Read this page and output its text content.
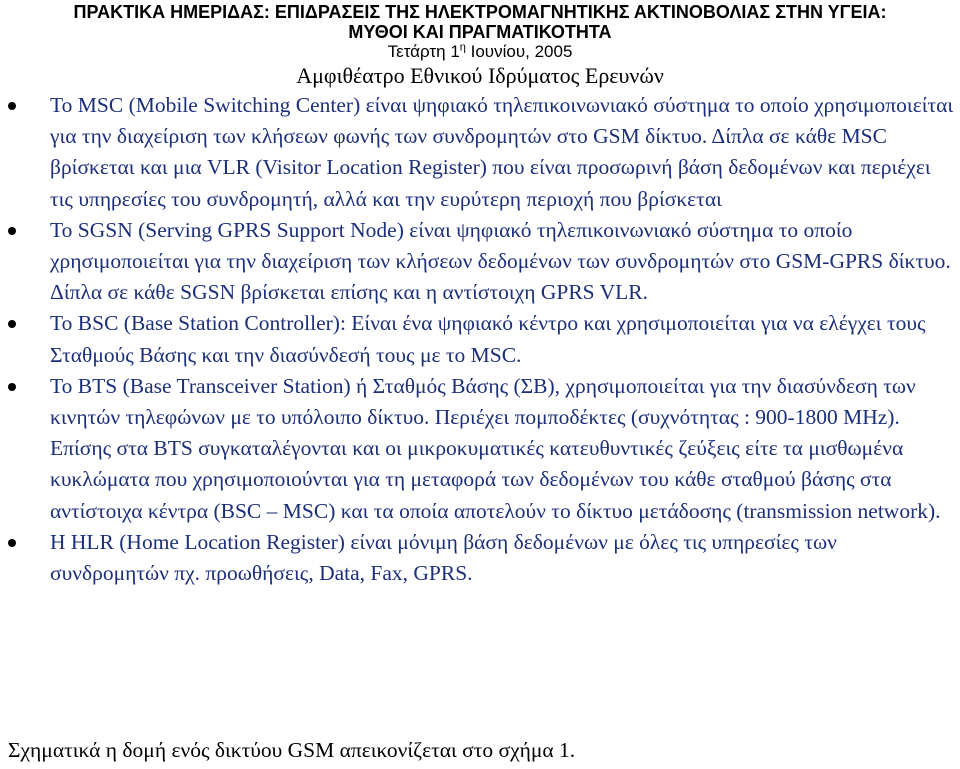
ΠΡΑΚΤΙΚΑ ΗΜΕΡΙΔΑΣ: ΕΠΙΔΡΑΣΕΙΣ ΤΗΣ ΗΛΕΚΤΡΟΜΑΓΝΗΤΙΚΗΣ ΑΚΤΙΝΟΒΟΛΙΑΣ ΣΤΗΝ ΥΓΕΙΑ:
ΜΥΘΟΙ ΚΑΙ ΠΡΑΓΜΑΤΙΚΟΤΗΤΑ
Τετάρτη $1^\eta$ Ιουνίου, 2005
Αμφιθέατρο Εθνικού Ιδρύματος Ερευνών
Το MSC (Mobile Switching Center) είναι ψηφιακό τηλεπικοινωνιακό σύστημα το οποίο χρησιμοποιείται για την διαχείριση των κλήσεων φωνής των συνδρομητών στο GSM δίκτυο. Δίπλα σε κάθε MSC βρίσκεται και μια VLR (Visitor Location Register) που είναι προσωρινή βάση δεδομένων και περιέχει τις υπηρεσίες του συνδρομητή, αλλά και την ευρύτερη περιοχή που βρίσκεται
Το SGSN (Serving GPRS Support Node) είναι ψηφιακό τηλεπικοινωνιακό σύστημα το οποίο χρησιμοποιείται για την διαχείριση των κλήσεων δεδομένων των συνδρομητών στο GSM-GPRS δίκτυο. Δίπλα σε κάθε SGSN βρίσκεται επίσης και η αντίστοιχη GPRS VLR.
Το BSC (Base Station Controller): Είναι ένα ψηφιακό κέντρο και χρησιμοποιείται για να ελέγχει τους Σταθμούς Βάσης και την διασύνδεσή τους με το MSC.
Το BTS (Base Transceiver Station) ή Σταθμός Βάσης (ΣΒ), χρησιμοποιείται για την διασύνδεση των κινητών τηλεφώνων με το υπόλοιπο δίκτυο. Περιέχει πομποδέκτες (συχνότητας : 900-1800 MHz). Επίσης στα BTS συγκαταλέγονται και οι μικροκυματικές κατευθυντικές ζεύξεις είτε τα μισθωμένα κυκλώματα που χρησιμοποιούνται για τη μεταφορά των δεδομένων του κάθε σταθμού βάσης στα αντίστοιχα κέντρα (BSC – MSC) και τα οποία αποτελούν το δίκτυο μετάδοσης (transmission network).
Η HLR (Home Location Register) είναι μόνιμη βάση δεδομένων με όλες τις υπηρεσίες των συνδρομητών πχ. προωθήσεις, Data, Fax, GPRS.
Σχηματικά η δομή ενός δικτύου GSM απεικονίζεται στο σχήμα 1.
